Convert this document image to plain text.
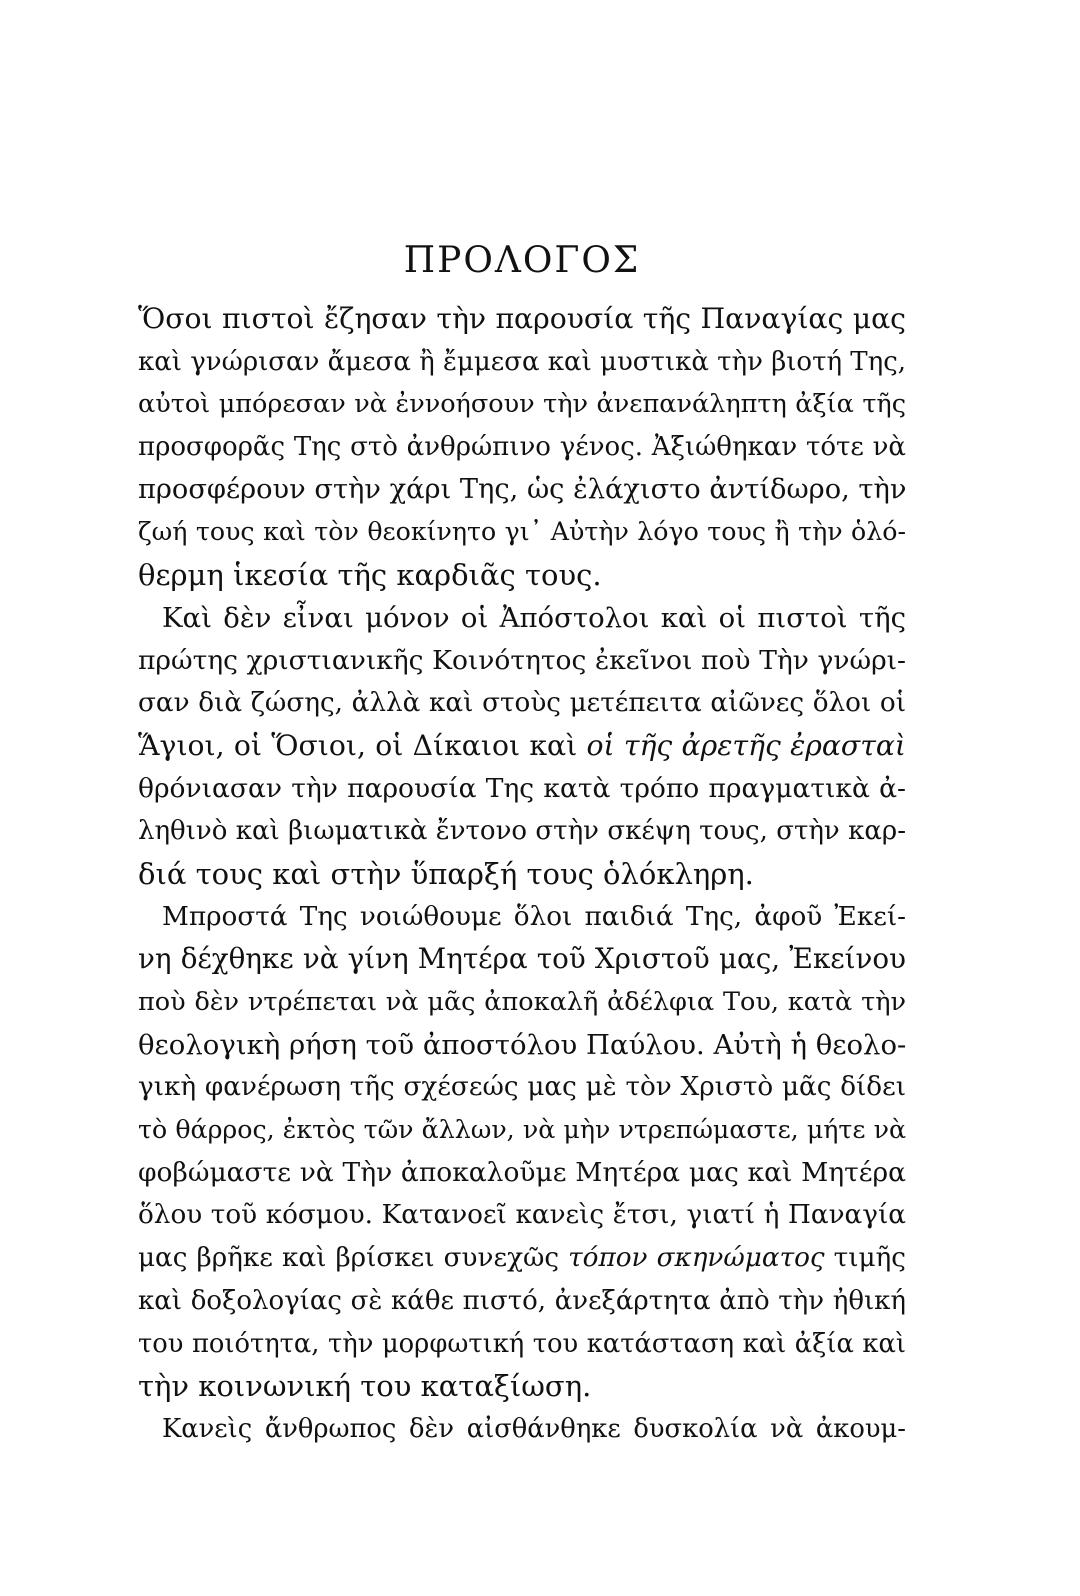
ΠΡΟΛΟΓΟΣ
Ὅσοι πιστοὶ ἔζησαν τὴν παρουσία τῆς Παναγίας μας
καὶ γνώρισαν ἄμεσα ἢ ἔμμεσα καὶ μυστικὰ τὴν βιοτή Της,
αὐτοὶ μπόρεσαν νὰ ἐννοήσουν τὴν ἀνεπανάληπτη ἀξία τῆς
προσφορᾶς Της στὸ ἀνθρώπινο γένος. Ἀξιώθηκαν τότε νὰ
προσφέρουν στὴν χάρι Της, ὡς ἐλάχιστο ἀντίδωρο, τὴν
ζωή τους καὶ τὸν θεοκίνητο γι᾽ Αὐτὴν λόγο τους ἢ τὴν ὁλό-
θερμη ἱκεσία τῆς καρδιᾶς τους.
Καὶ δὲν εἶναι μόνον οἱ Ἀπόστολοι καὶ οἱ πιστοὶ τῆς
πρώτης χριστιανικῆς Κοινότητος ἐκεῖνοι ποὺ Τὴν γνώρι-
σαν διὰ ζώσης, ἀλλὰ καὶ στοὺς μετέπειτα αἰῶνες ὅλοι οἱ
Ἅγιοι, οἱ Ὅσιοι, οἱ Δίκαιοι καὶ οἱ τῆς ἀρετῆς ἐρασταὶ
θρόνιασαν τὴν παρουσία Της κατὰ τρόπο πραγματικὰ ἀ-
ληθινὸ καὶ βιωματικὰ ἔντονο στὴν σκέψη τους, στὴν καρ-
διά τους καὶ στὴν ὕπαρξή τους ὁλόκληρη.
Μπροστά Της νοιώθουμε ὅλοι παιδιά Της, ἀφοῦ Ἐκεί-
νη δέχθηκε νὰ γίνη Μητέρα τοῦ Χριστοῦ μας, Ἐκείνου
ποὺ δὲν ντρέπεται νὰ μᾶς ἀποκαλῆ ἀδέλφια Του, κατὰ τὴν
θεολογικὴ ρήση τοῦ ἀποστόλου Παύλου. Αὐτὴ ἡ θεολο-
γικὴ φανέρωση τῆς σχέσεώς μας μὲ τὸν Χριστὸ μᾶς δίδει
τὸ θάρρος, ἐκτὸς τῶν ἄλλων, νὰ μὴν ντρεπώμαστε, μήτε νὰ
φοβώμαστε νὰ Τὴν ἀποκαλοῦμε Μητέρα μας καὶ Μητέρα
ὅλου τοῦ κόσμου. Κατανοεῖ κανεὶς ἔτσι, γιατί ἡ Παναγία
μας βρῆκε καὶ βρίσκει συνεχῶς τόπον σκηνώματος τιμῆς
καὶ δοξολογίας σὲ κάθε πιστό, ἀνεξάρτητα ἀπὸ τὴν ἠθική
του ποιότητα, τὴν μορφωτική του κατάσταση καὶ ἀξία καὶ
τὴν κοινωνική του καταξίωση.
Κανεὶς ἄνθρωπος δὲν αἰσθάνθηκε δυσκολία νὰ ἀκουμ-
